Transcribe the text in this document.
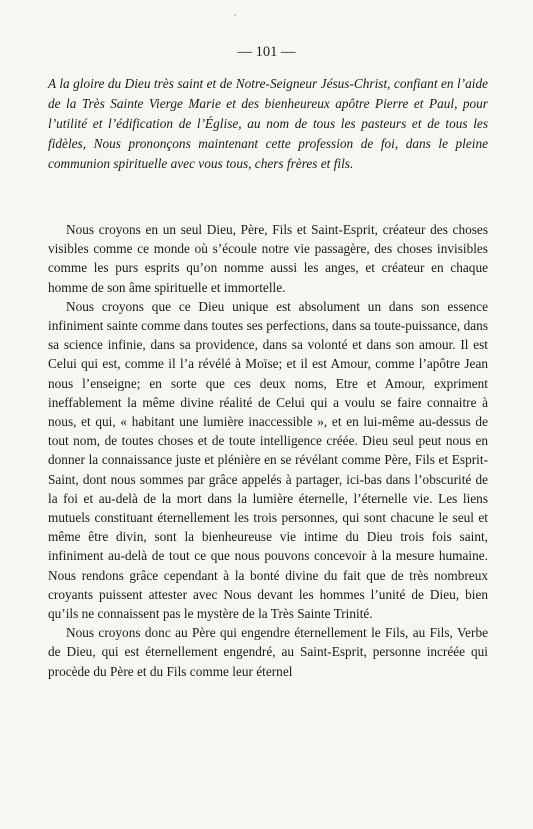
— 101 —

A la gloire du Dieu très saint et de Notre-Seigneur Jésus-Christ, confiant en l’aide de la Très Sainte Vierge Marie et des bienheureux apôtre Pierre et Paul, pour l’utilité et l’édification de l’Église, au nom de tous les pasteurs et de tous les fidèles, Nous prononçons maintenant cette profession de foi, dans le pleine communion spirituelle avec vous tous, chers frères et fils.

Nous croyons en un seul Dieu, Père, Fils et Saint-Esprit, créateur des choses visibles comme ce monde où s’écoule notre vie passagère, des choses invisibles comme les purs esprits qu’on nomme aussi les anges, et créateur en chaque homme de son âme spirituelle et immortelle.

Nous croyons que ce Dieu unique est absolument un dans son essence infiniment sainte comme dans toutes ses perfections, dans sa toute-puissance, dans sa science infinie, dans sa providence, dans sa volonté et dans son amour. Il est Celui qui est, comme il l’a révélé à Moïse; et il est Amour, comme l’apôtre Jean nous l’enseigne; en sorte que ces deux noms, Etre et Amour, expriment ineffablement la même divine réalité de Celui qui a voulu se faire connaitre à nous, et qui, « habitant une lumière inaccessible », et en lui-même au-dessus de tout nom, de toutes choses et de toute intelligence créée. Dieu seul peut nous en donner la connaissance juste et plénière en se révélant comme Père, Fils et Esprit-Saint, dont nous sommes par grâce appelés à partager, ici-bas dans l’obscurité de la foi et au-delà de la mort dans la lumière éternelle, l’éternelle vie. Les liens mutuels constituant éternellement les trois personnes, qui sont chacune le seul et même être divin, sont la bienheureuse vie intime du Dieu trois fois saint, infiniment au-delà de tout ce que nous pouvons concevoir à la mesure humaine. Nous rendons grâce cependant à la bonté divine du fait que de très nombreux croyants puissent attester avec Nous devant les hommes l’unité de Dieu, bien qu’ils ne connaissent pas le mystère de la Très Sainte Trinité.

Nous croyons donc au Père qui engendre éternellement le Fils, au Fils, Verbe de Dieu, qui est éternellement engendré, au Saint-Esprit, personne incréée qui procède du Père et du Fils comme leur éternel
